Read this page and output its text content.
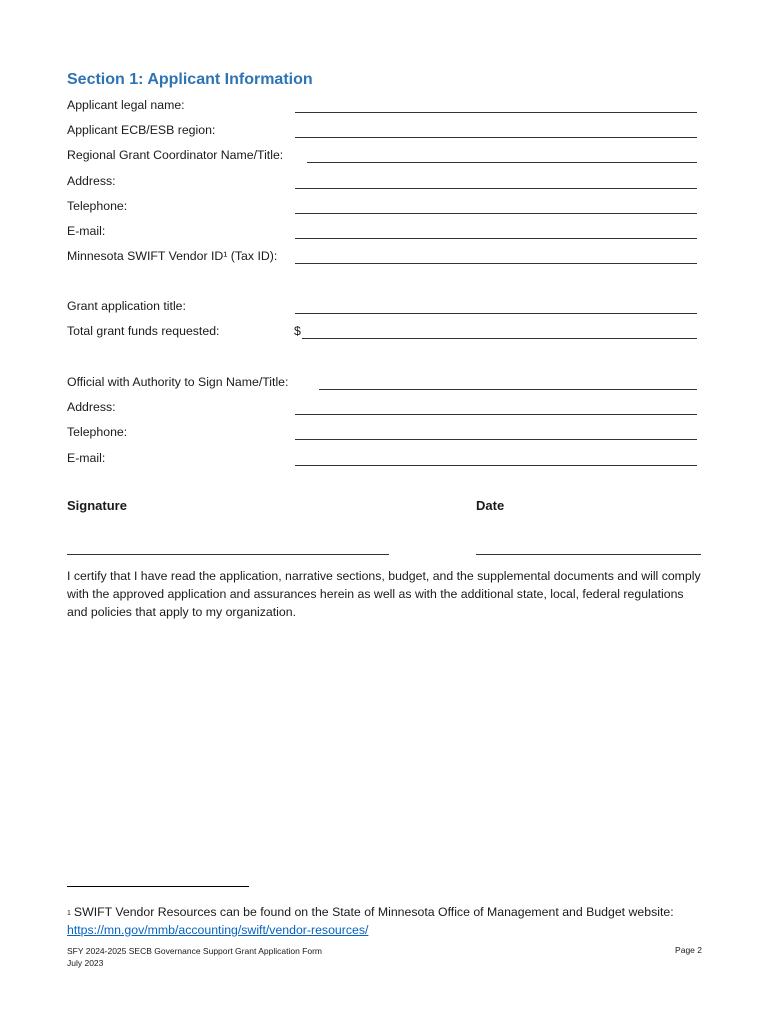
Section 1: Applicant Information
Applicant legal name:
Applicant ECB/ESB region:
Regional Grant Coordinator Name/Title:
Address:
Telephone:
E-mail:
Minnesota SWIFT Vendor ID¹ (Tax ID):
Grant application title:
Total grant funds requested:	$
Official with Authority to Sign Name/Title:
Address:
Telephone:
E-mail:
Signature	Date

I certify that I have read the application, narrative sections, budget, and the supplemental documents and will comply with the approved application and assurances herein as well as with the additional state, local, federal regulations and policies that apply to my organization.

$^1$ SWIFT Vendor Resources can be found on the State of Minnesota Office of Management and Budget website:
https://mn.gov/mmb/accounting/swift/vendor-resources/

SFY 2024-2025 SECB Governance Support Grant Application Form
July 2023
Page 2
